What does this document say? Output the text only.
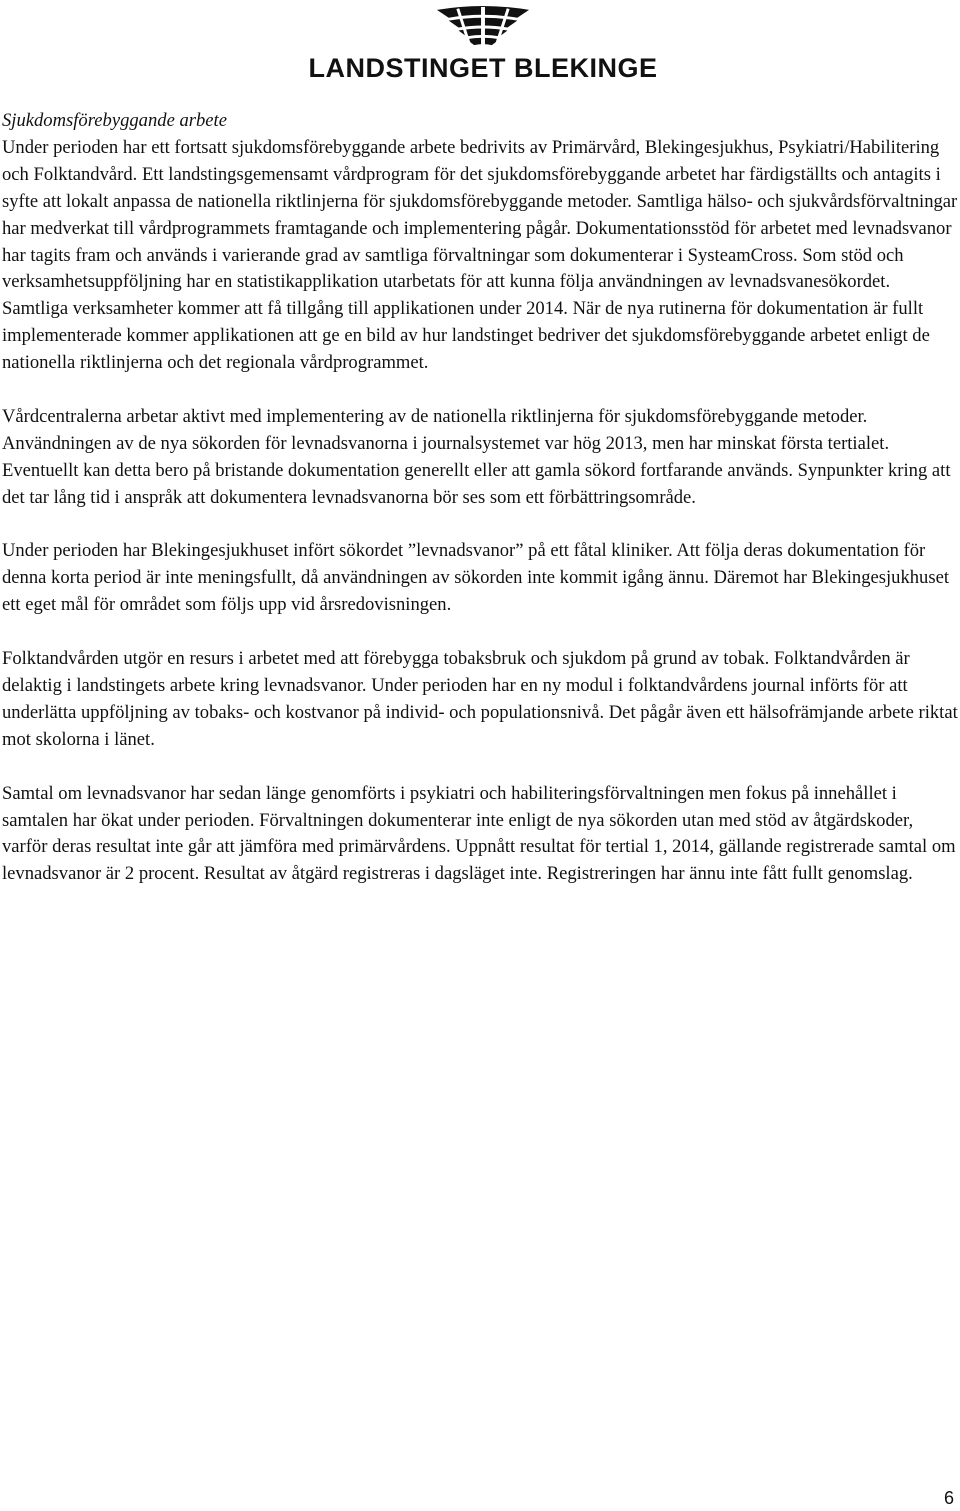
LANDSTINGET BLEKINGE

Sjukdomsförebyggande arbete

Under perioden har ett fortsatt sjukdomsförebyggande arbete bedrivits av Primärvård, Blekingesjukhus, Psykiatri/Habilitering och Folktandvård. Ett landstingsgemensamt vårdprogram för det sjukdomsförebyggande arbetet har färdigställts och antagits i syfte att lokalt anpassa de nationella riktlinjerna för sjukdomsförebyggande metoder. Samtliga hälso- och sjukvårdsförvaltningar har medverkat till vårdprogrammets framtagande och implementering pågår. Dokumentationsstöd för arbetet med levnadsvanor har tagits fram och används i varierande grad av samtliga förvaltningar som dokumenterar i SysteamCross. Som stöd och verksamhetsuppföljning har en statistikapplikation utarbetats för att kunna följa användningen av levnadsvanesökordet. Samtliga verksamheter kommer att få tillgång till applikationen under 2014. När de nya rutinerna för dokumentation är fullt implementerade kommer applikationen att ge en bild av hur landstinget bedriver det sjukdomsförebyggande arbetet enligt de nationella riktlinjerna och det regionala vårdprogrammet.

Vårdcentralerna arbetar aktivt med implementering av de nationella riktlinjerna för sjukdomsförebyggande metoder. Användningen av de nya sökorden för levnadsvanorna i journalsystemet var hög 2013, men har minskat första tertialet. Eventuellt kan detta bero på bristande dokumentation generellt eller att gamla sökord fortfarande används. Synpunkter kring att det tar lång tid i anspråk att dokumentera levnadsvanorna bör ses som ett förbättringsområde.

Under perioden har Blekingesjukhuset infört sökordet ”levnadsvanor” på ett fåtal kliniker. Att följa deras dokumentation för denna korta period är inte meningsfullt, då användningen av sökorden inte kommit igång ännu. Däremot har Blekingesjukhuset ett eget mål för området som följs upp vid årsredovisningen.

Folktandvården utgör en resurs i arbetet med att förebygga tobaksbruk och sjukdom på grund av tobak. Folktandvården är delaktig i landstingets arbete kring levnadsvanor. Under perioden har en ny modul i folktandvårdens journal införts för att underlätta uppföljning av tobaks- och kostvanor på individ- och populationsnivå. Det pågår även ett hälsofrämjande arbete riktat mot skolorna i länet.

Samtal om levnadsvanor har sedan länge genomförts i psykiatri och habiliteringsförvaltningen men fokus på innehållet i samtalen har ökat under perioden. Förvaltningen dokumenterar inte enligt de nya sökorden utan med stöd av åtgärdskoder, varför deras resultat inte går att jämföra med primärvårdens. Uppnått resultat för tertial 1, 2014, gällande registrerade samtal om levnadsvanor är 2 procent. Resultat av åtgärd registreras i dagsläget inte. Registreringen har ännu inte fått fullt genomslag.

6
